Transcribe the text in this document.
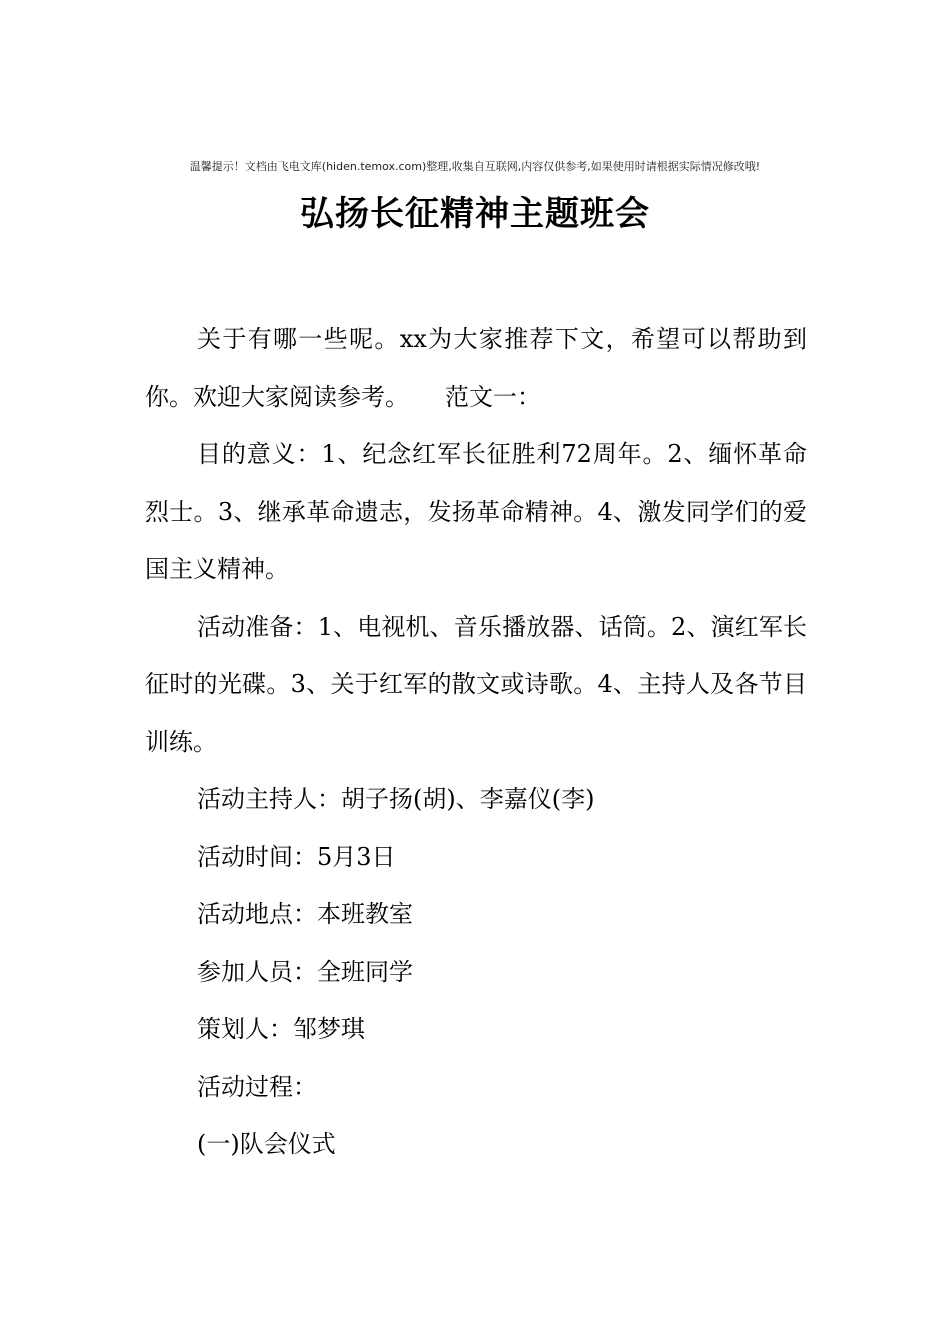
温馨提示！文档由飞电文库(hiden.temox.com)整理,收集自互联网,内容仅供参考,如果使用时请根据实际情况修改哦!
弘扬长征精神主题班会

关于有哪一些呢。xx为大家推荐下文，希望可以帮助到你。欢迎大家阅读参考。　　范文一：

目的意义：1、纪念红军长征胜利72周年。2、缅怀革命烈士。3、继承革命遗志，发扬革命精神。4、激发同学们的爱国主义精神。

活动准备：1、电视机、音乐播放器、话筒。2、演红军长征时的光碟。3、关于红军的散文或诗歌。4、主持人及各节目训练。

活动主持人：胡子扬(胡)、李嘉仪(李)

活动时间：5月3日

活动地点：本班教室

参加人员：全班同学

策划人：邹梦琪

活动过程：

(一)队会仪式
